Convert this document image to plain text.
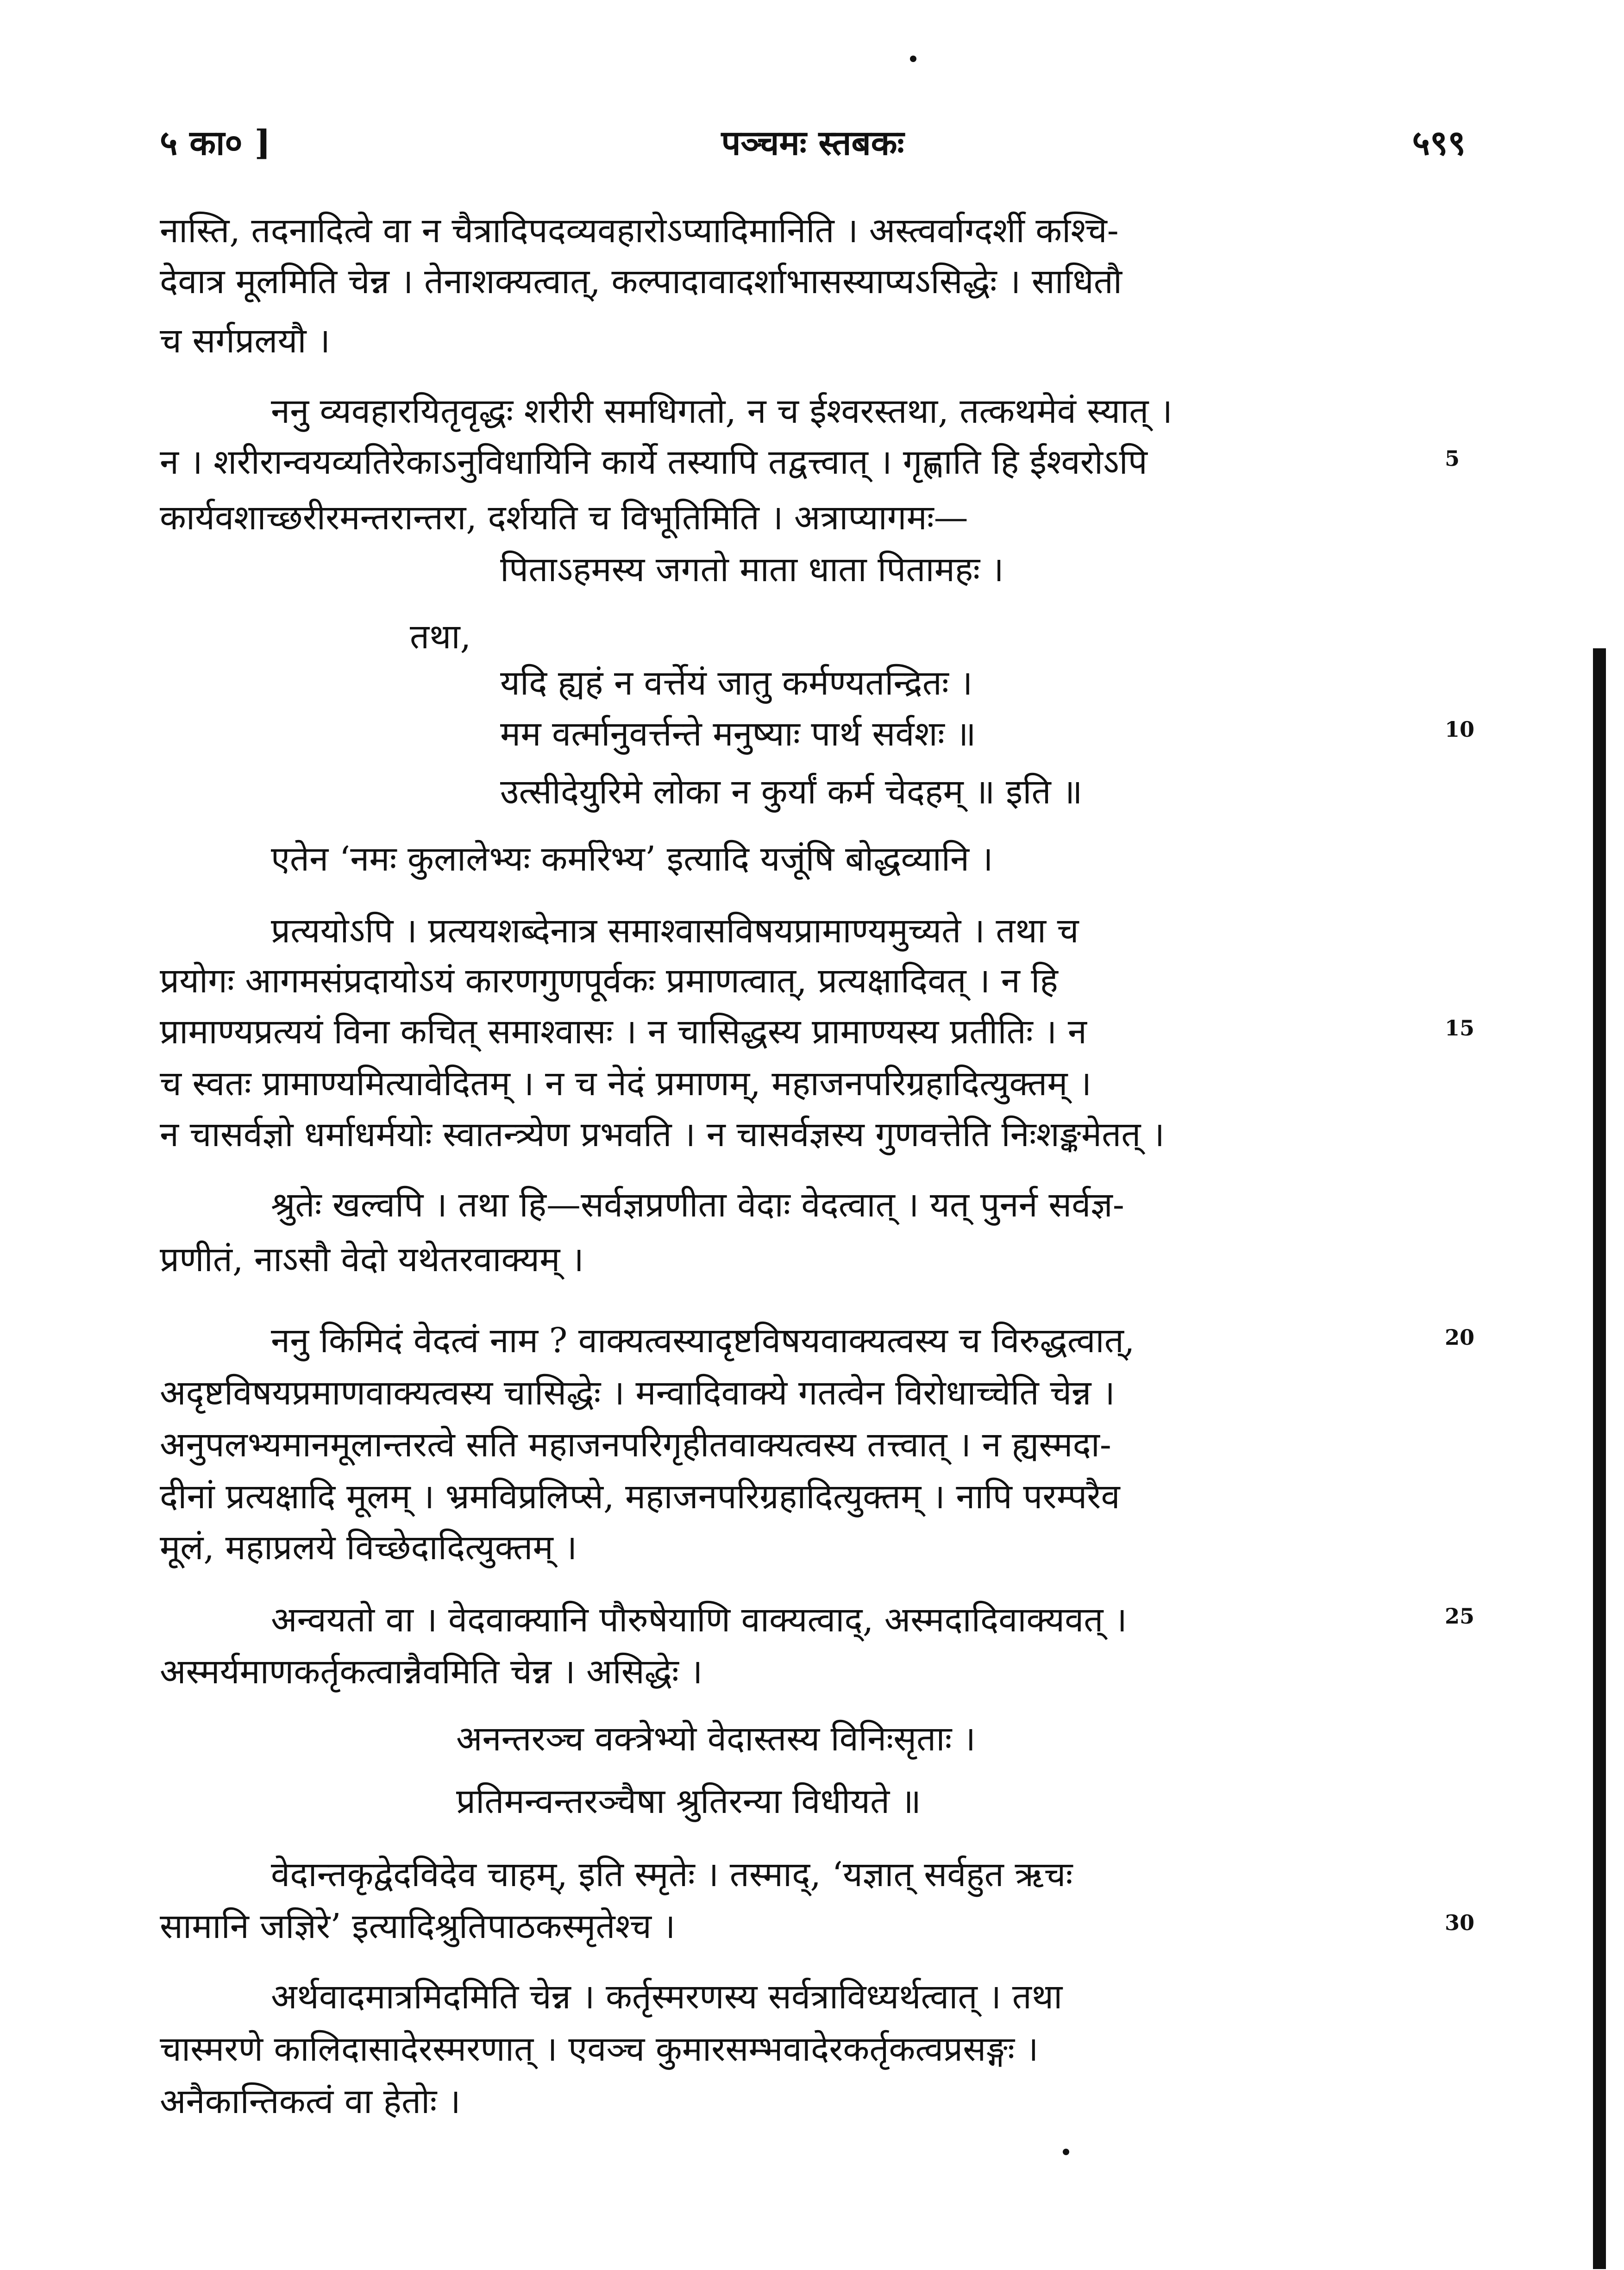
५ का० ]	पञ्चमः स्तबकः	५९९
नास्ति, तदनादित्वे वा न चैत्रादिपदव्यवहारोऽप्यादिमानिति । अस्त्वर्वाग्दर्शी कश्चि-
देवात्र मूलमिति चेन्न । तेनाशक्यत्वात्, कल्पादावादर्शाभासस्याप्यऽसिद्धेः । साधितौ
च सर्गप्रलयौ ।
ननु व्यवहारयितृवृद्धः शरीरी समधिगतो, न च ईश्वरस्तथा, तत्कथमेवं स्यात् ।
न । शरीरान्वयव्यतिरेकाऽनुविधायिनि कार्ये तस्यापि तद्वत्त्वात् । गृह्णाति हि ईश्वरोऽपि
कार्यवशाच्छरीरमन्तरान्तरा, दर्शयति च विभूतिमिति । अत्राप्यागमः—
पिताऽहमस्य जगतो माता धाता पितामहः ।
तथा,
यदि ह्यहं न वर्त्तेयं जातु कर्मण्यतन्द्रितः ।
मम वर्त्मानुवर्त्तन्ते मनुष्याः पार्थ सर्वशः ॥
उत्सीदेयुरिमे लोका न कुर्यां कर्म चेदहम् ॥ इति ॥
एतेन ‘नमः कुलालेभ्यः कर्मारेभ्य’ इत्यादि यजूंषि बोद्धव्यानि ।
प्रत्ययोऽपि । प्रत्ययशब्देनात्र समाश्वासविषयप्रामाण्यमुच्यते । तथा च
प्रयोगः आगमसंप्रदायोऽयं कारणगुणपूर्वकः प्रमाणत्वात्, प्रत्यक्षादिवत् । न हि
प्रामाण्यप्रत्ययं विना कचित् समाश्वासः । न चासिद्धस्य प्रामाण्यस्य प्रतीतिः । न
च स्वतः प्रामाण्यमित्यावेदितम् । न च नेदं प्रमाणम्, महाजनपरिग्रहादित्युक्तम् ।
न चासर्वज्ञो धर्माधर्मयोः स्वातन्त्र्येण प्रभवति । न चासर्वज्ञस्य गुणवत्तेति निःशङ्कमेतत् ।
श्रुतेः खल्वपि । तथा हि—सर्वज्ञप्रणीता वेदाः वेदत्वात् । यत् पुनर्न सर्वज्ञ-
प्रणीतं, नाऽसौ वेदो यथेतरवाक्यम् ।
ननु किमिदं वेदत्वं नाम ? वाक्यत्वस्यादृष्टविषयवाक्यत्वस्य च विरुद्धत्वात्,
अदृष्टविषयप्रमाणवाक्यत्वस्य चासिद्धेः । मन्वादिवाक्ये गतत्वेन विरोधाच्चेति चेन्न ।
अनुपलभ्यमानमूलान्तरत्वे सति महाजनपरिगृहीतवाक्यत्वस्य तत्त्वात् । न ह्यस्मदा-
दीनां प्रत्यक्षादि मूलम् । भ्रमविप्रलिप्से, महाजनपरिग्रहादित्युक्तम् । नापि परम्परैव
मूलं, महाप्रलये विच्छेदादित्युक्तम् ।
अन्वयतो वा । वेदवाक्यानि पौरुषेयाणि वाक्यत्वाद्, अस्मदादिवाक्यवत् ।
अस्मर्यमाणकर्तृकत्वान्नैवमिति चेन्न । असिद्धेः ।
अनन्तरञ्च वक्त्रेभ्यो वेदास्तस्य विनिःसृताः ।
प्रतिमन्वन्तरञ्चैषा श्रुतिरन्या विधीयते ॥
वेदान्तकृद्वेदविदेव चाहम्, इति स्मृतेः । तस्माद्, ‘यज्ञात् सर्वहुत ऋचः
सामानि जज्ञिरे’ इत्यादिश्रुतिपाठकस्मृतेश्च ।
अर्थवादमात्रमिदमिति चेन्न । कर्तृस्मरणस्य सर्वत्राविध्यर्थत्वात् । तथा
चास्मरणे कालिदासादेरस्मरणात् । एवञ्च कुमारसम्भवादेरकर्तृकत्वप्रसङ्गः ।
अनैकान्तिकत्वं वा हेतोः ।
5
10
15
20
25
30
